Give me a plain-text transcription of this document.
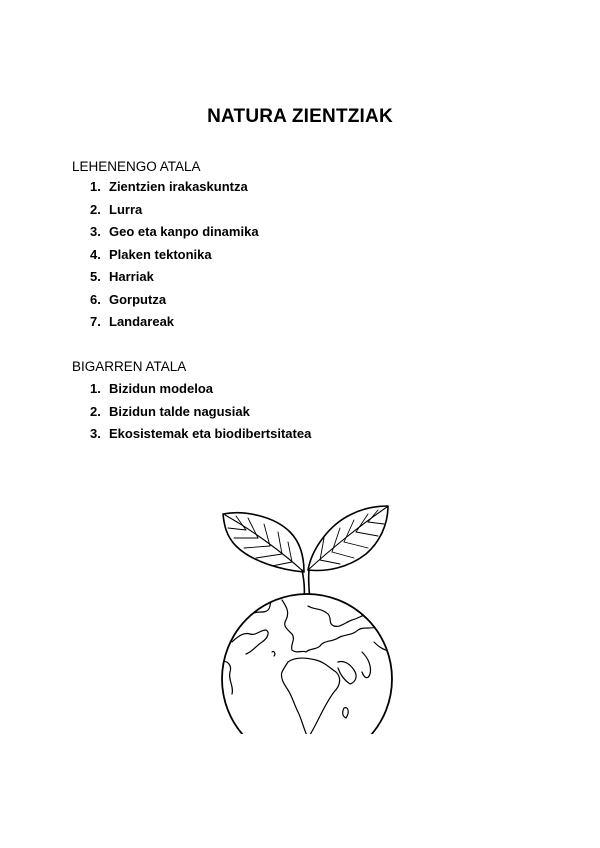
NATURA ZIENTZIAK
LEHENENGO ATALA
1. Zientzien irakaskuntza
2. Lurra
3. Geo eta kanpo dinamika
4. Plaken tektonika
5. Harriak
6. Gorputza
7. Landareak
BIGARREN ATALA
1. Bizidun modeloa
2. Bizidun talde nagusiak
3. Ekosistemak eta biodibertsitatea
